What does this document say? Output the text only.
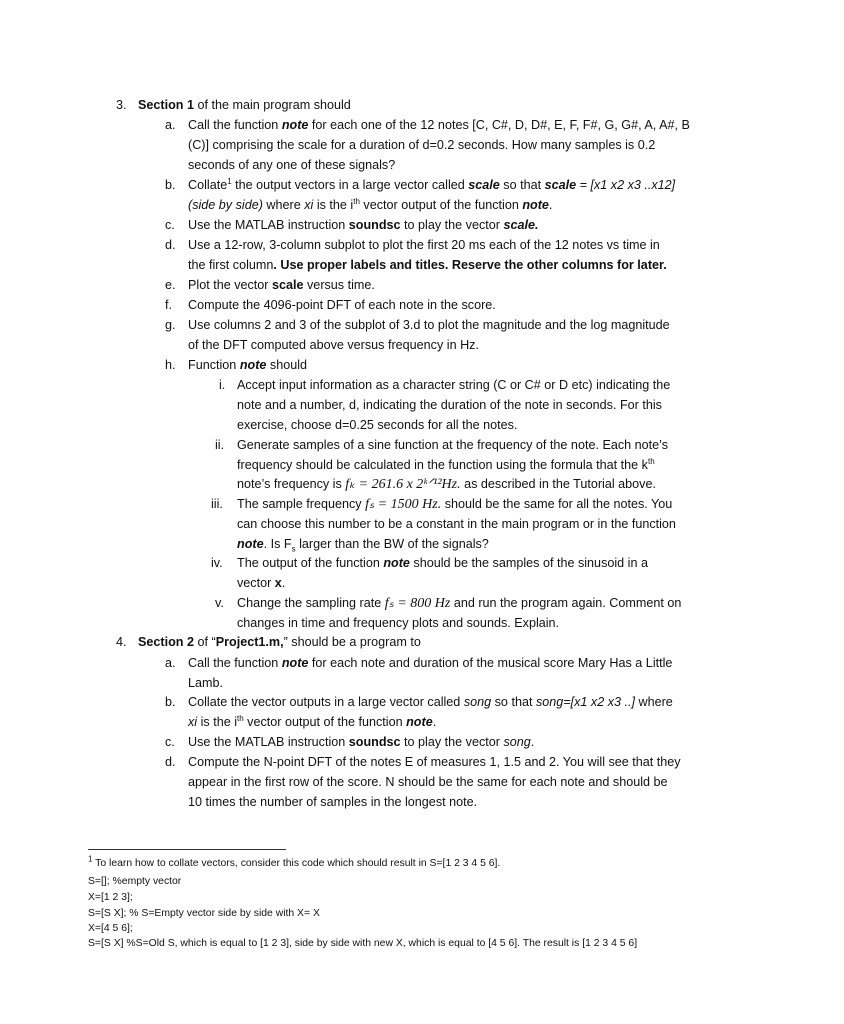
3. Section 1 of the main program should
a. Call the function note for each one of the 12 notes [C, C#, D, D#, E, F, F#, G, G#, A, A#, B
(C)] comprising the scale for a duration of d=0.2 seconds. How many samples is 0.2
seconds of any one of these signals?
b. Collate$^1$ the output vectors in a large vector called scale so that scale = [x1 x2 x3 ..x12]
(side by side) where xi is the $i^{th}$ vector output of the function note.
c. Use the MATLAB instruction soundsc to play the vector scale.
d. Use a 12-row, 3-column subplot to plot the first 20 ms each of the 12 notes vs time in
the first column. Use proper labels and titles. Reserve the other columns for later.
e. Plot the vector scale versus time.
f. Compute the 4096-point DFT of each note in the score.
g. Use columns 2 and 3 of the subplot of 3.d to plot the magnitude and the log magnitude
of the DFT computed above versus frequency in Hz.
h. Function note should
i. Accept input information as a character string (C or C# or D etc) indicating the
note and a number, d, indicating the duration of the note in seconds. For this
exercise, choose d=0.25 seconds for all the notes.
ii. Generate samples of a sine function at the frequency of the note. Each note’s
frequency should be calculated in the function using the formula that the $k^{th}$
note’s frequency is fₖ = 261.6 x 2ᵏᐟ¹²Hz. as described in the Tutorial above.
iii. The sample frequency fₛ = 1500 Hz. should be the same for all the notes. You
can choose this number to be a constant in the main program or in the function
note. Is $F_s$ larger than the BW of the signals?
iv. The output of the function note should be the samples of the sinusoid in a
vector x.
v. Change the sampling rate fₛ = 800 Hz and run the program again. Comment on
changes in time and frequency plots and sounds. Explain.
4. Section 2 of “Project1.m,” should be a program to
a. Call the function note for each note and duration of the musical score Mary Has a Little
Lamb.
b. Collate the vector outputs in a large vector called song so that song=[x1 x2 x3 ..] where
xi is the $i^{th}$ vector output of the function note.
c. Use the MATLAB instruction soundsc to play the vector song.
d. Compute the N-point DFT of the notes E of measures 1, 1.5 and 2. You will see that they
appear in the first row of the score. N should be the same for each note and should be
10 times the number of samples in the longest note.
$^1$ To learn how to collate vectors, consider this code which should result in S=[1 2 3 4 5 6].
S=[]; %empty vector
X=[1 2 3];
S=[S X]; % S=Empty vector side by side with X= X
X=[4 5 6];
S=[S X] %S=Old S, which is equal to [1 2 3], side by side with new X, which is equal to [4 5 6]. The result is [1 2 3 4 5 6]
